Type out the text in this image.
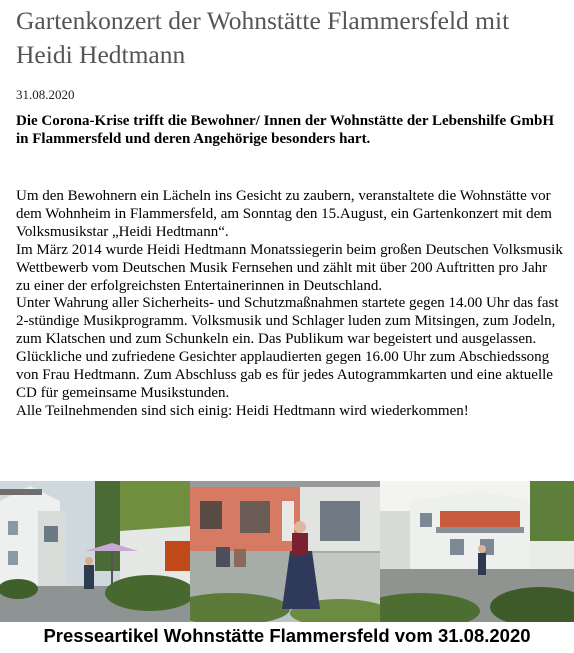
Gartenkonzert der Wohnstätte Flammersfeld mit Heidi Hedtmann
31.08.2020

Die Corona-Krise trifft die Bewohner/ Innen der Wohnstätte der Lebenshilfe GmbH in Flammersfeld und deren Angehörige besonders hart.

Um den Bewohnern ein Lächeln ins Gesicht zu zaubern, veranstaltete die Wohnstätte vor dem Wohnheim in Flammersfeld, am Sonntag den 15.August, ein Gartenkonzert mit dem Volksmusikstar „Heidi Hedtmann“.

Im März 2014 wurde Heidi Hedtmann Monatssiegerin beim großen Deutschen Volksmusik Wettbewerb vom Deutschen Musik Fernsehen und zählt mit über 200 Auftritten pro Jahr zu einer der erfolgreichsten Entertainerinnen in Deutschland.

Unter Wahrung aller Sicherheits- und Schutzmaßnahmen startete gegen 14.00 Uhr das fast 2-stündige Musikprogramm. Volksmusik und Schlager luden zum Mitsingen, zum Jodeln, zum Klatschen und zum Schunkeln ein. Das Publikum war begeistert und ausgelassen. Glückliche und zufriedene Gesichter applaudierten gegen 16.00 Uhr zum Abschiedssong von Frau Hedtmann. Zum Abschluss gab es für jedes Autogrammkarten und eine aktuelle CD für gemeinsame Musikstunden.

Alle Teilnehmenden sind sich einig: Heidi Hedtmann wird wiederkommen!

Presseartikel Wohnstätte Flammersfeld vom 31.08.2020
